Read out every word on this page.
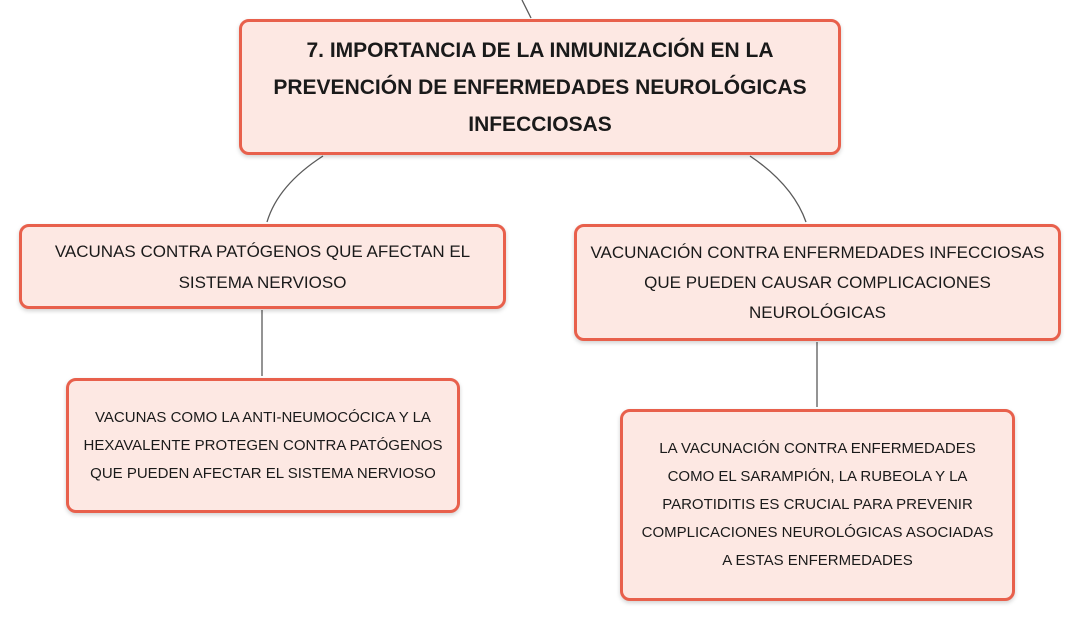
7. IMPORTANCIA DE LA INMUNIZACIÓN EN LA PREVENCIÓN DE ENFERMEDADES NEUROLÓGICAS INFECCIOSAS
VACUNAS CONTRA PATÓGENOS QUE AFECTAN EL SISTEMA NERVIOSO
VACUNACIÓN CONTRA ENFERMEDADES INFECCIOSAS QUE PUEDEN CAUSAR COMPLICACIONES NEUROLÓGICAS
VACUNAS COMO LA ANTI-NEUMOCÓCICA Y LA HEXAVALENTE PROTEGEN CONTRA PATÓGENOS QUE PUEDEN AFECTAR EL SISTEMA NERVIOSO
LA VACUNACIÓN CONTRA ENFERMEDADES COMO EL SARAMPIÓN, LA RUBEOLA Y LA PAROTIDITIS ES CRUCIAL PARA PREVENIR COMPLICACIONES NEUROLÓGICAS ASOCIADAS A ESTAS ENFERMEDADES
